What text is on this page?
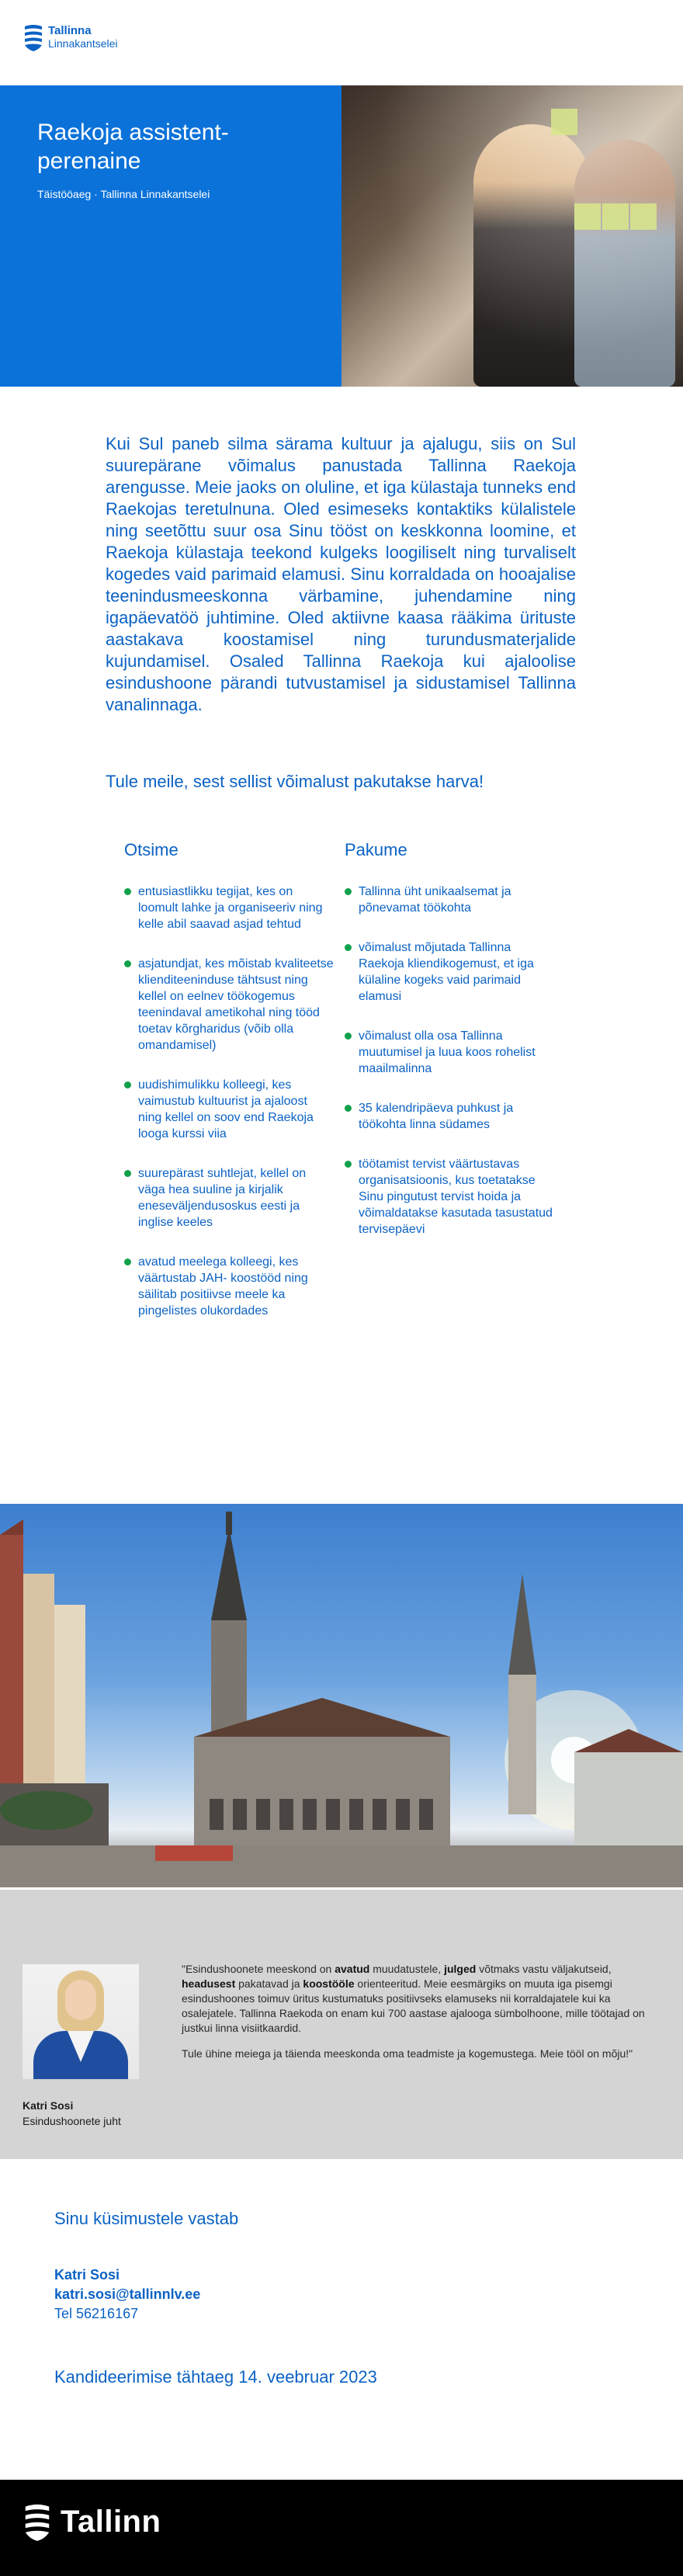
Tallinna
Linnakantselei
Raekoja assistent-perenaine
Täistööaeg · Tallinna Linnakantselei

Kui Sul paneb silma särama kultuur ja ajalugu, siis on Sul suurepärane võimalus panustada Tallinna Raekoja arengusse. Meie jaoks on oluline, et iga külastaja tunneks end Raekojas teretulnuna. Oled esimeseks kontaktiks külalistele ning seetõttu suur osa Sinu tööst on keskkonna loomine, et Raekoja külastaja teekond kulgeks loogiliselt ning turvaliselt kogedes vaid parimaid elamusi. Sinu korraldada on hooajalise teenindusmeeskonna värbamine, juhendamine ning igapäevatöö juhtimine. Oled aktiivne kaasa rääkima ürituste aastakava koostamisel ning turundusmaterjalide kujundamisel. Osaled Tallinna Raekoja kui ajaloolise esindushoone pärandi tutvustamisel ja sidustamisel Tallinna vanalinnaga.

Tule meile, sest sellist võimalust pakutakse harva!

Otsime
entusiastlikku tegijat, kes on loomult lahke ja organiseeriv ning kelle abil saavad asjad tehtud
asjatundjat, kes mõistab kvaliteetse klienditeeninduse tähtsust ning kellel on eelnev töökogemus teenindaval ametikohal ning tööd toetav kõrgharidus (võib olla omandamisel)
uudishimulikku kolleegi, kes vaimustub kultuurist ja ajaloost ning kellel on soov end Raekoja looga kurssi viia
suurepärast suhtlejat, kellel on väga hea suuline ja kirjalik eneseväljendusoskus eesti ja inglise keeles
avatud meelega kolleegi, kes väärtustab JAH- koostööd ning säilitab positiivse meele ka pingelistes olukordades
Pakume
Tallinna üht unikaalsemat ja põnevamat töökohta
võimalust mõjutada Tallinna Raekoja kliendikogemust, et iga külaline kogeks vaid parimaid elamusi
võimalust olla osa Tallinna muutumisel ja luua koos rohelist maailmalinna
35 kalendripäeva puhkust ja töökohta linna südames
töötamist tervist väärtustavas organisatsioonis, kus toetatakse Sinu pingutust tervist hoida ja võimaldatakse kasutada tasustatud tervisepäevi
Katri Sosi
Esindushoonete juht

"Esindushoonete meeskond on avatud muudatustele, julged võtmaks vastu väljakutseid, headusest pakatavad ja koostööle orienteeritud. Meie eesmärgiks on muuta iga pisemgi esindushoones toimuv üritus kustumatuks positiivseks elamuseks nii korraldajatele kui ka osalejatele. Tallinna Raekoda on enam kui 700 aastase ajalooga sümbolhoone, mille töötajad on justkui linna visiitkaardid.

Tule ühine meiega ja täienda meeskonda oma teadmiste ja kogemustega. Meie tööl on mõju!"

Sinu küsimustele vastab
Katri Sosi
katri.sosi@tallinnlv.ee
Tel 56216167
Kandideerimise tähtaeg 14. veebruar 2023
Tallinn
